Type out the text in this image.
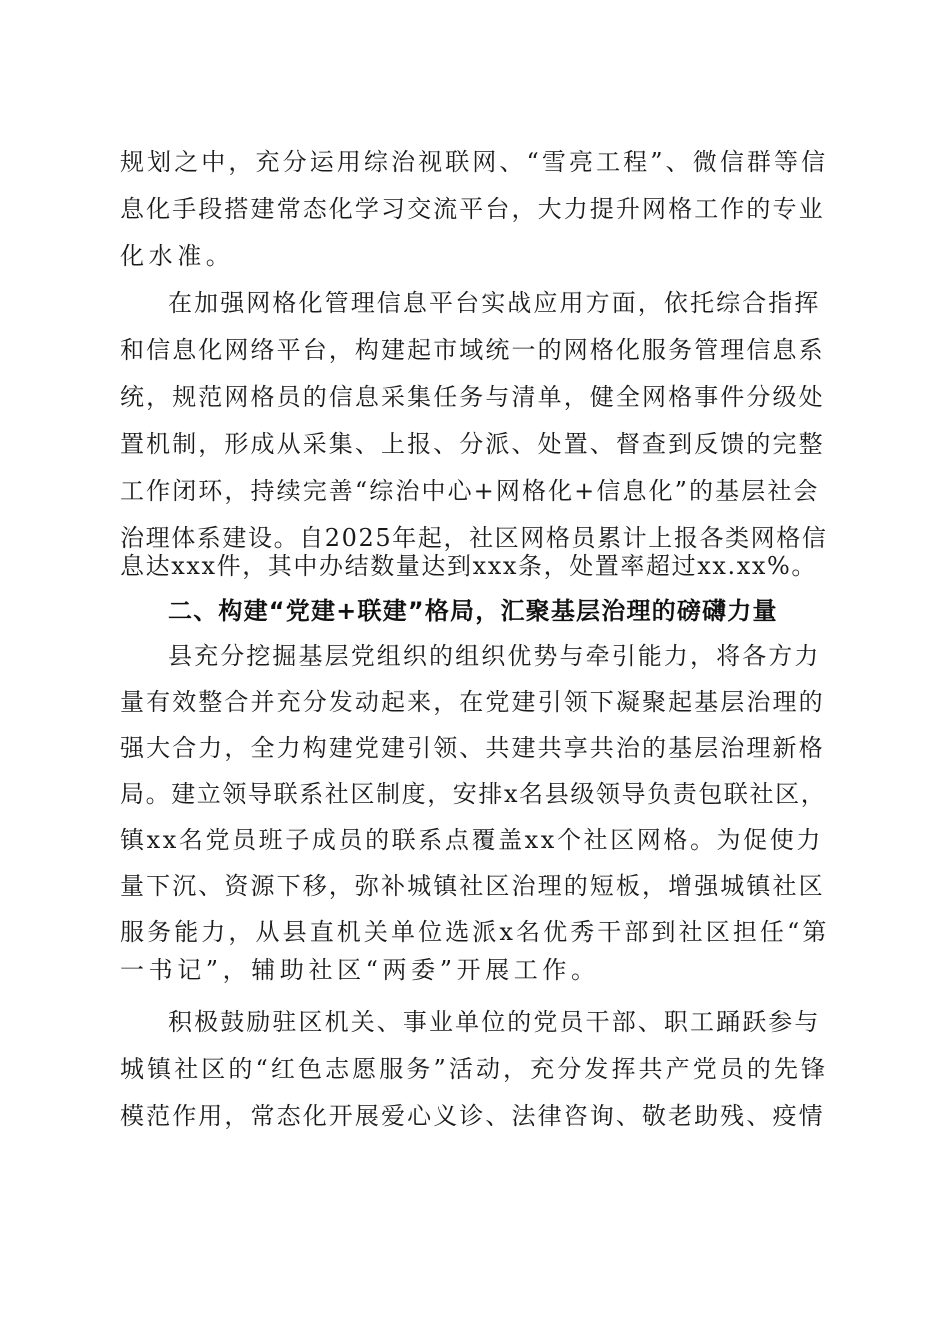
规划之中，充分运用综治视联网、“雪亮工程”、微信群等信
息化手段搭建常态化学习交流平台，大力提升网格工作的专业
化水准。
在加强网格化管理信息平台实战应用方面，依托综合指挥
和信息化网络平台，构建起市域统一的网格化服务管理信息系
统，规范网格员的信息采集任务与清单，健全网格事件分级处
置机制，形成从采集、上报、分派、处置、督查到反馈的完整
工作闭环，持续完善“综治中心+网格化+信息化”的基层社会
治理体系建设。自2025年起，社区网格员累计上报各类网格信
息达xxx件，其中办结数量达到xxx条，处置率超过xx.xx%。
二、构建“党建+联建”格局，汇聚基层治理的磅礴力量
县充分挖掘基层党组织的组织优势与牵引能力，将各方力
量有效整合并充分发动起来，在党建引领下凝聚起基层治理的
强大合力，全力构建党建引领、共建共享共治的基层治理新格
局。建立领导联系社区制度，安排x名县级领导负责包联社区，
镇xx名党员班子成员的联系点覆盖xx个社区网格。为促使力
量下沉、资源下移，弥补城镇社区治理的短板，增强城镇社区
服务能力，从县直机关单位选派x名优秀干部到社区担任“第
一书记”，辅助社区“两委”开展工作。
积极鼓励驻区机关、事业单位的党员干部、职工踊跃参与
城镇社区的“红色志愿服务”活动，充分发挥共产党员的先锋
模范作用，常态化开展爱心义诊、法律咨询、敬老助残、疫情
